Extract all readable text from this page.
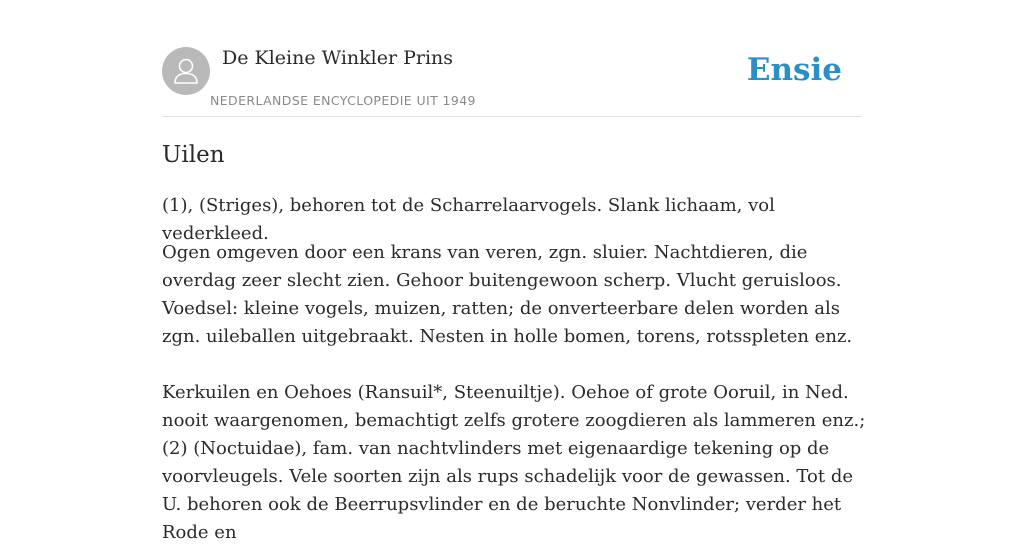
De Kleine Winkler Prins
NEDERLANDSE ENCYCLOPEDIE UIT 1949
Ensie
Uilen

(1), (Striges), behoren tot de Scharrelaarvogels. Slank lichaam, vol vederkleed.

Ogen omgeven door een krans van veren, zgn. sluier. Nachtdieren, die overdag zeer slecht zien. Gehoor buitengewoon scherp. Vlucht geruisloos. Voedsel: kleine vogels, muizen, ratten; de onverteerbare delen worden als zgn. uileballen uitgebraakt. Nesten in holle bomen, torens, rotsspleten enz.

Kerkuilen en Oehoes (Ransuil*, Steenuiltje). Oehoe of grote Ooruil, in Ned. nooit waargenomen, bemachtigt zelfs grotere zoogdieren als lammeren enz.;(2) (Noctuidae), fam. van nachtvlinders met eigenaardige tekening op de voorvleugels. Vele soorten zijn als rups schadelijk voor de gewassen. Tot de U. behoren ook de Beerrupsvlinder en de beruchte Nonvlinder; verder het Rode en
